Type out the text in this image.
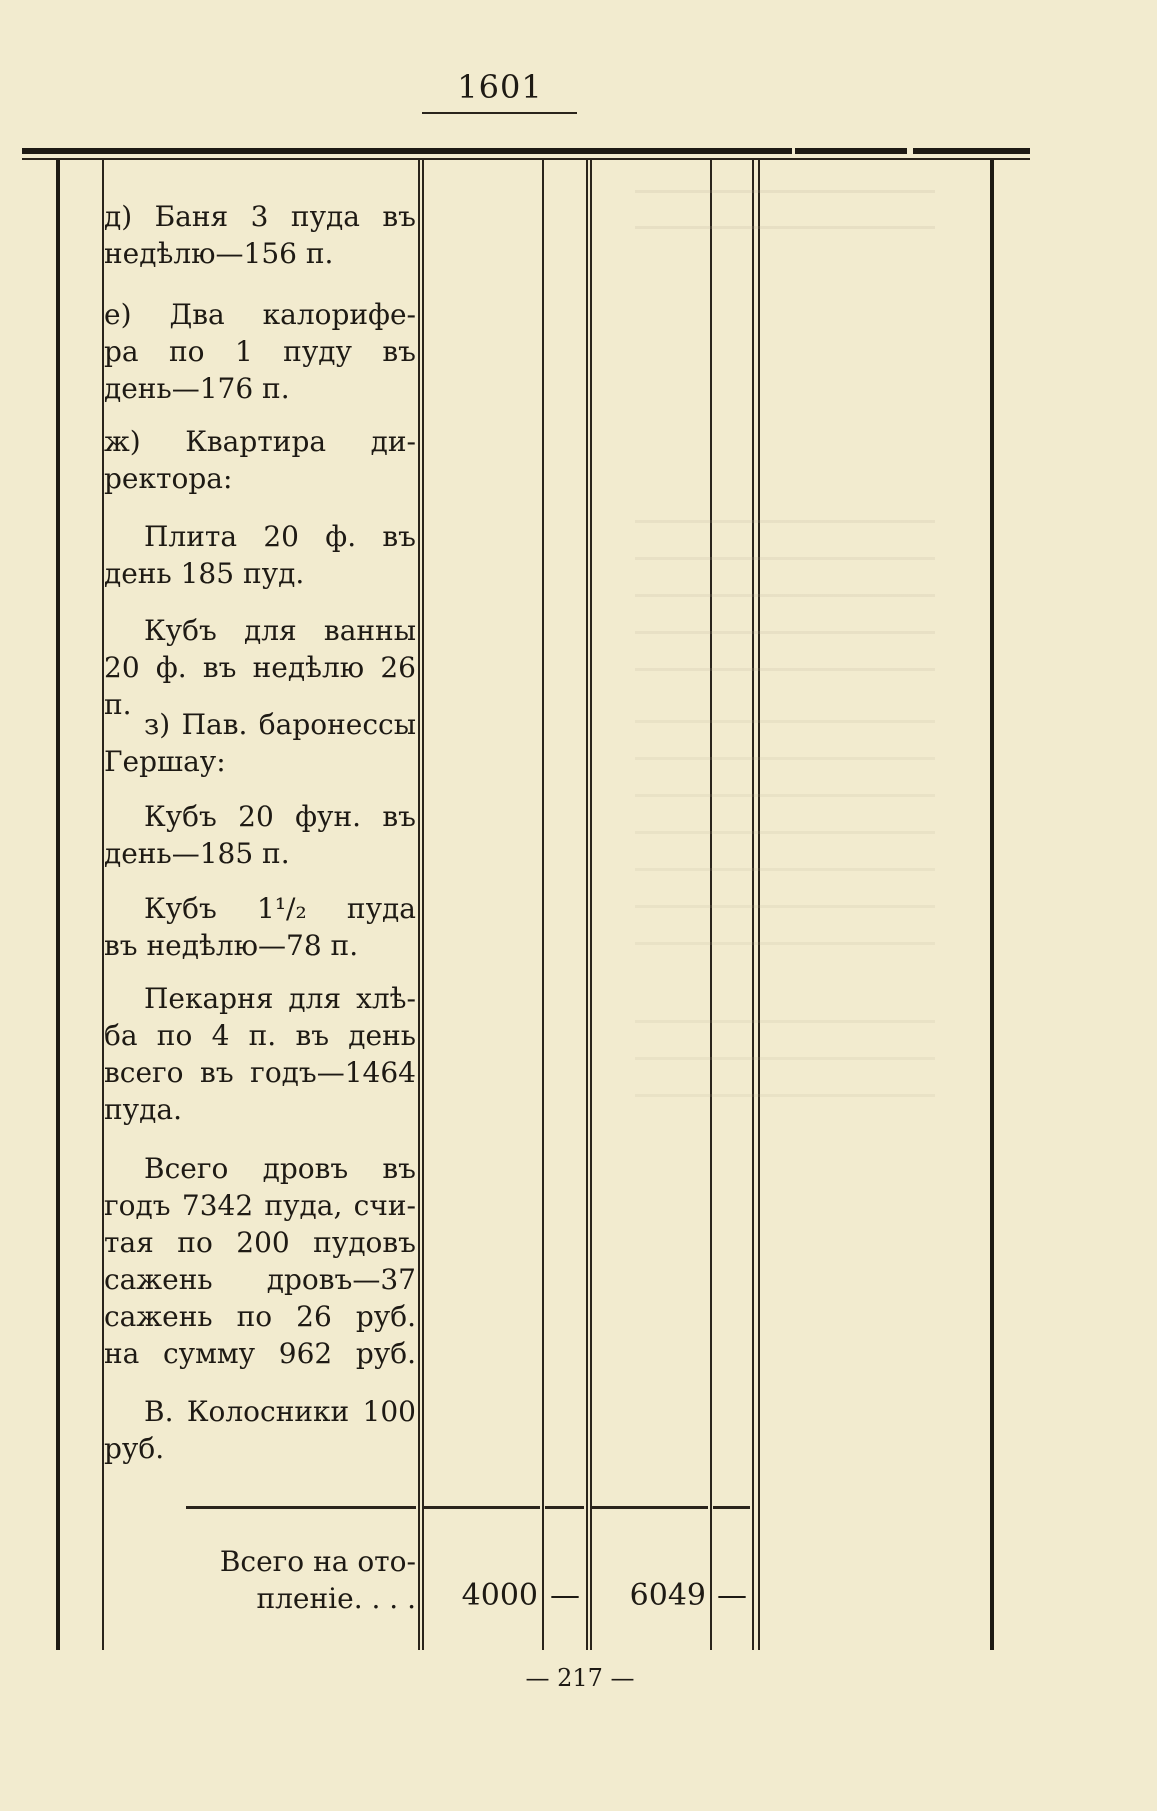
1601

д) Баня 3 пуда въ

недѣлю—156 п.

е) Два калорифе-

ра по 1 пуду въ

день—176 п.

ж) Квартира ди-

ректора:

Плита 20 ф. въ

день 185 пуд.

Кубъ для ванны

20 ф. въ недѣлю 26 п.

з) Пав. баронессы

Гершау:

Кубъ 20 фун. въ

день—185 п.

Кубъ 1¹/₂ пуда

въ недѣлю—78 п.

Пекарня для хлѣ-

ба по 4 п. въ день

всего въ годъ—1464

пуда.

Всего дровъ въ

годъ 7342 пуда, счи-

тая по 200 пудовъ

сажень дровъ—37

сажень по 26 руб.

на сумму 962 руб.

В. Колосники 100

руб.

Всего на ото-

пленіе. . . .	4000 —	6049 —
— 217 —
